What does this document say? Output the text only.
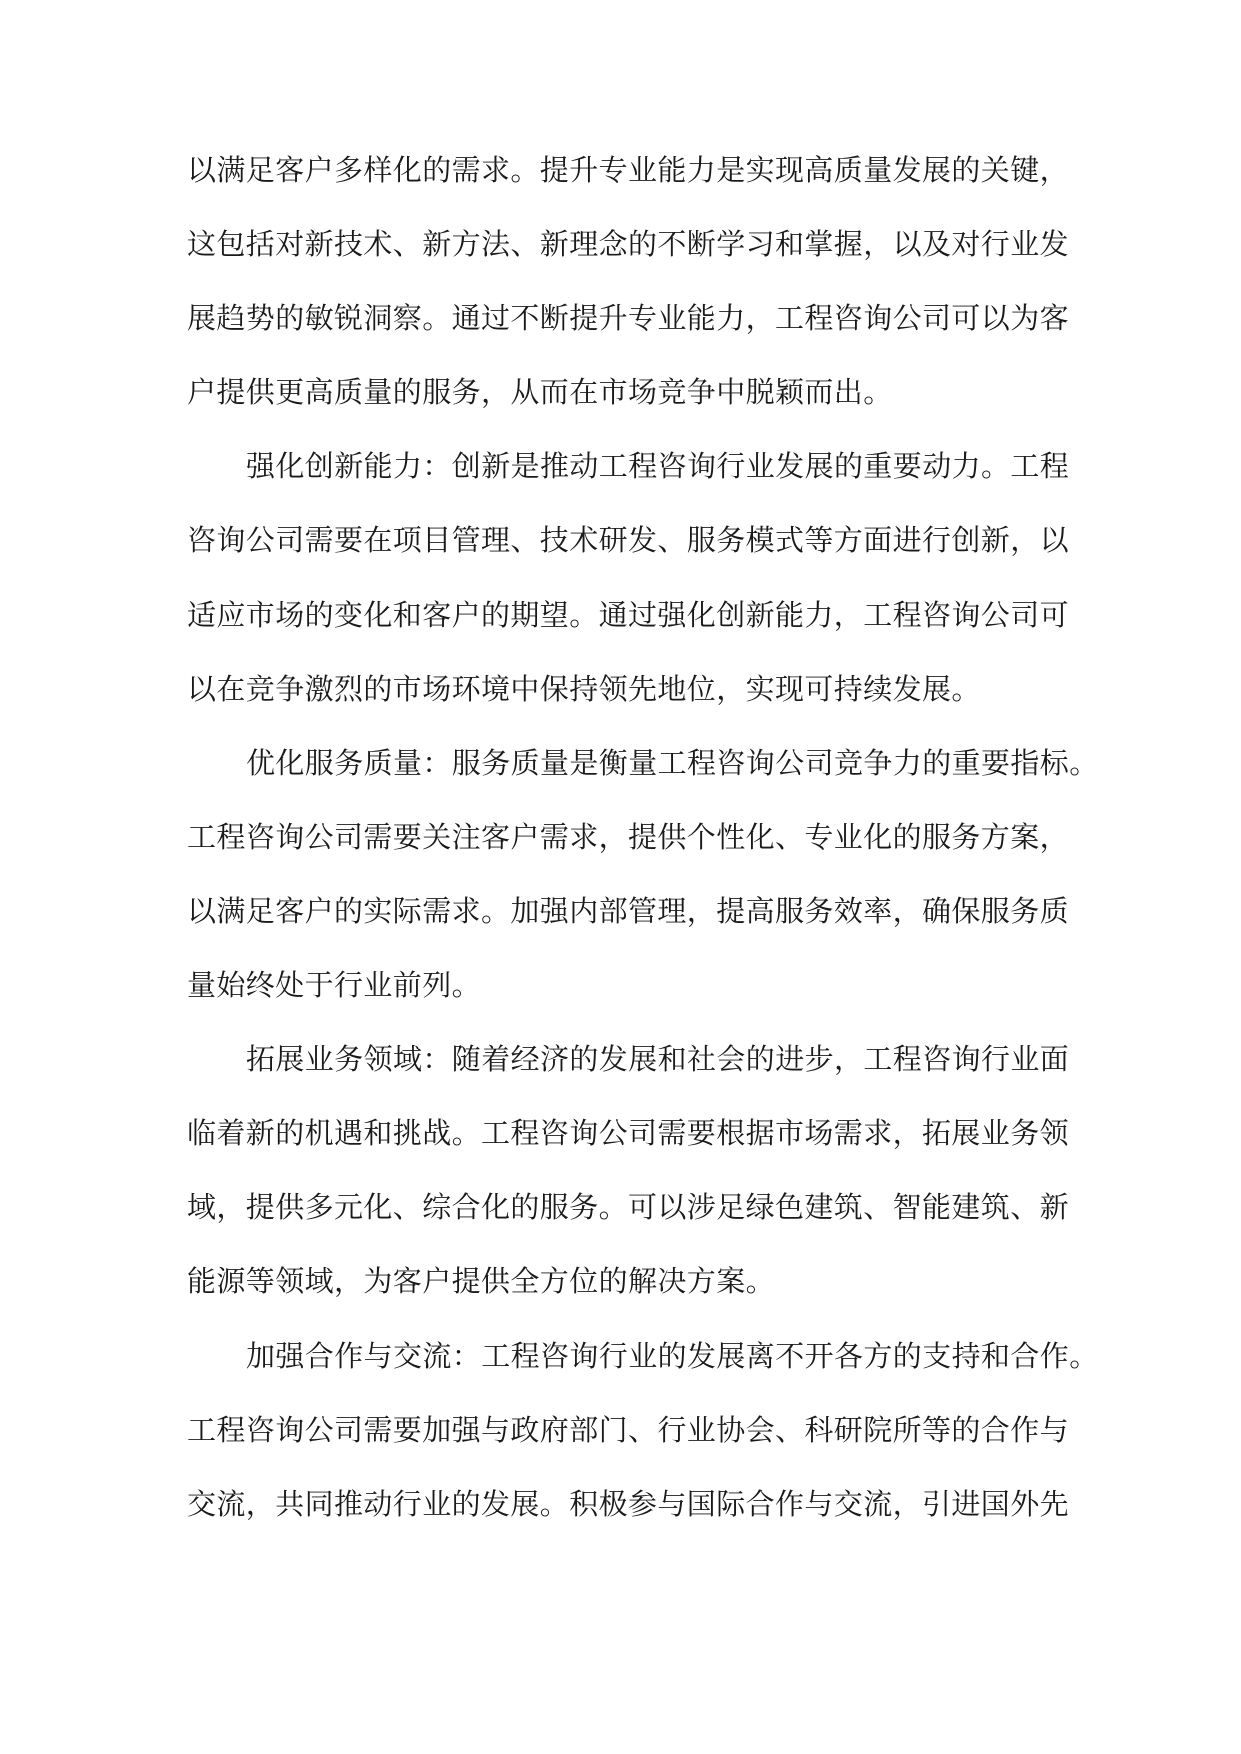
以满足客户多样化的需求。提升专业能力是实现高质量发展的关键，
这包括对新技术、新方法、新理念的不断学习和掌握，以及对行业发
展趋势的敏锐洞察。通过不断提升专业能力，工程咨询公司可以为客
户提供更高质量的服务，从而在市场竞争中脱颖而出。
强化创新能力：创新是推动工程咨询行业发展的重要动力。工程
咨询公司需要在项目管理、技术研发、服务模式等方面进行创新，以
适应市场的变化和客户的期望。通过强化创新能力，工程咨询公司可
以在竞争激烈的市场环境中保持领先地位，实现可持续发展。
优化服务质量：服务质量是衡量工程咨询公司竞争力的重要指标。
工程咨询公司需要关注客户需求，提供个性化、专业化的服务方案，
以满足客户的实际需求。加强内部管理，提高服务效率，确保服务质
量始终处于行业前列。
拓展业务领域：随着经济的发展和社会的进步，工程咨询行业面
临着新的机遇和挑战。工程咨询公司需要根据市场需求，拓展业务领
域，提供多元化、综合化的服务。可以涉足绿色建筑、智能建筑、新
能源等领域，为客户提供全方位的解决方案。
加强合作与交流：工程咨询行业的发展离不开各方的支持和合作。
工程咨询公司需要加强与政府部门、行业协会、科研院所等的合作与
交流，共同推动行业的发展。积极参与国际合作与交流，引进国外先
